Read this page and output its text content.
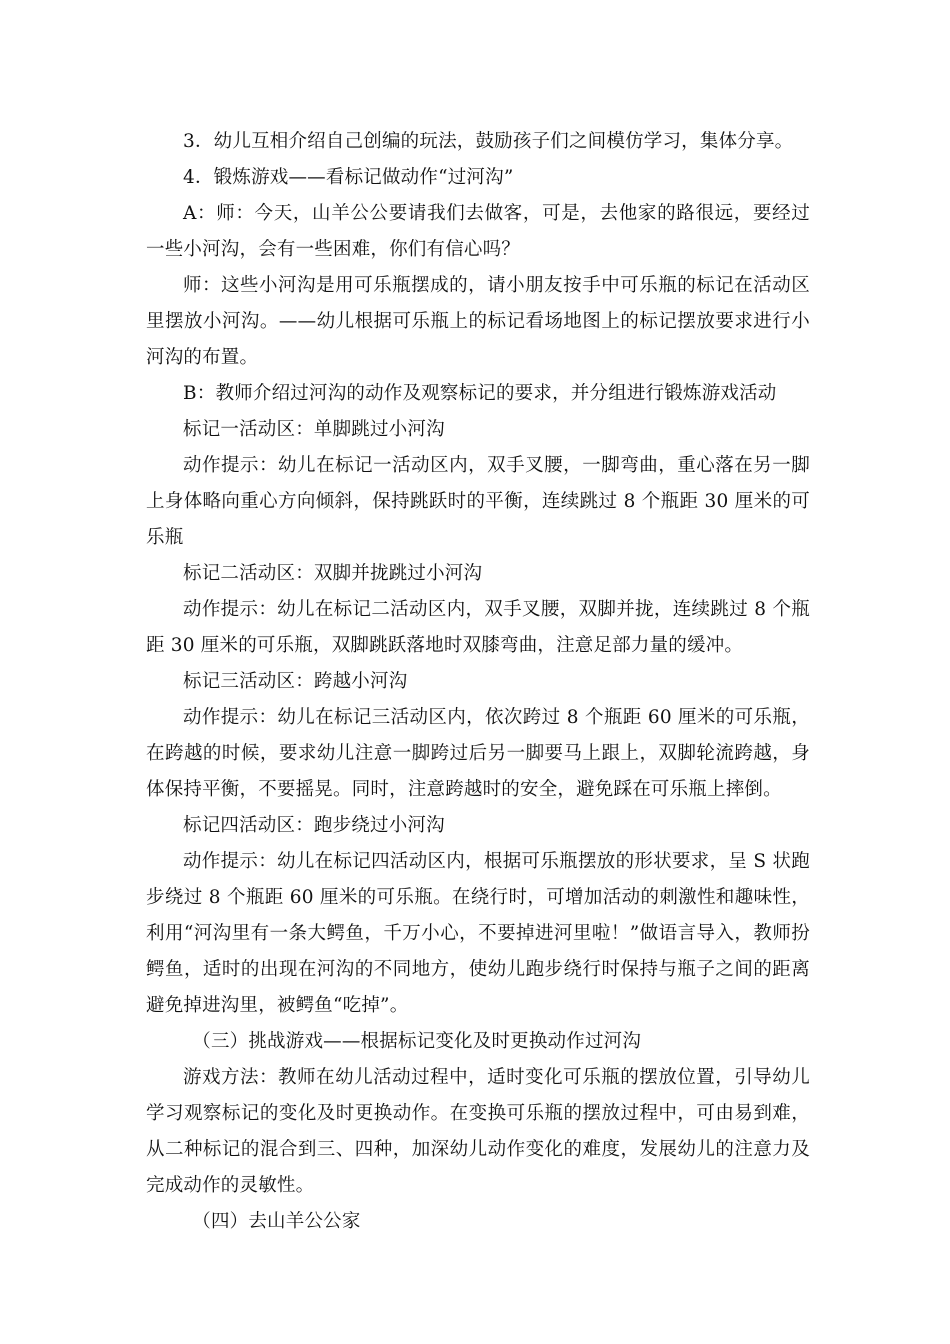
3．幼儿互相介绍自己创编的玩法，鼓励孩子们之间模仿学习，集体分享。

4．锻炼游戏——看标记做动作“过河沟”

A：师：今天，山羊公公要请我们去做客，可是，去他家的路很远，要经过一些小河沟，会有一些困难，你们有信心吗？

师：这些小河沟是用可乐瓶摆成的，请小朋友按手中可乐瓶的标记在活动区里摆放小河沟。——幼儿根据可乐瓶上的标记看场地图上的标记摆放要求进行小河沟的布置。

B：教师介绍过河沟的动作及观察标记的要求，并分组进行锻炼游戏活动

标记一活动区：单脚跳过小河沟

动作提示：幼儿在标记一活动区内，双手叉腰，一脚弯曲，重心落在另一脚上身体略向重心方向倾斜，保持跳跃时的平衡，连续跳过 8 个瓶距 30 厘米的可乐瓶

标记二活动区：双脚并拢跳过小河沟

动作提示：幼儿在标记二活动区内，双手叉腰，双脚并拢，连续跳过 8 个瓶距 30 厘米的可乐瓶，双脚跳跃落地时双膝弯曲，注意足部力量的缓冲。

标记三活动区：跨越小河沟

动作提示：幼儿在标记三活动区内，依次跨过 8 个瓶距 60 厘米的可乐瓶，在跨越的时候，要求幼儿注意一脚跨过后另一脚要马上跟上，双脚轮流跨越，身体保持平衡，不要摇晃。同时，注意跨越时的安全，避免踩在可乐瓶上摔倒。

标记四活动区：跑步绕过小河沟

动作提示：幼儿在标记四活动区内，根据可乐瓶摆放的形状要求，呈 S 状跑步绕过 8 个瓶距 60 厘米的可乐瓶。在绕行时，可增加活动的刺激性和趣味性，利用“河沟里有一条大鳄鱼，千万小心，不要掉进河里啦！”做语言导入，教师扮鳄鱼，适时的出现在河沟的不同地方，使幼儿跑步绕行时保持与瓶子之间的距离避免掉进沟里，被鳄鱼“吃掉”。

（三）挑战游戏——根据标记变化及时更换动作过河沟

游戏方法：教师在幼儿活动过程中，适时变化可乐瓶的摆放位置，引导幼儿学习观察标记的变化及时更换动作。在变换可乐瓶的摆放过程中，可由易到难，从二种标记的混合到三、四种，加深幼儿动作变化的难度，发展幼儿的注意力及完成动作的灵敏性。

（四）去山羊公公家
